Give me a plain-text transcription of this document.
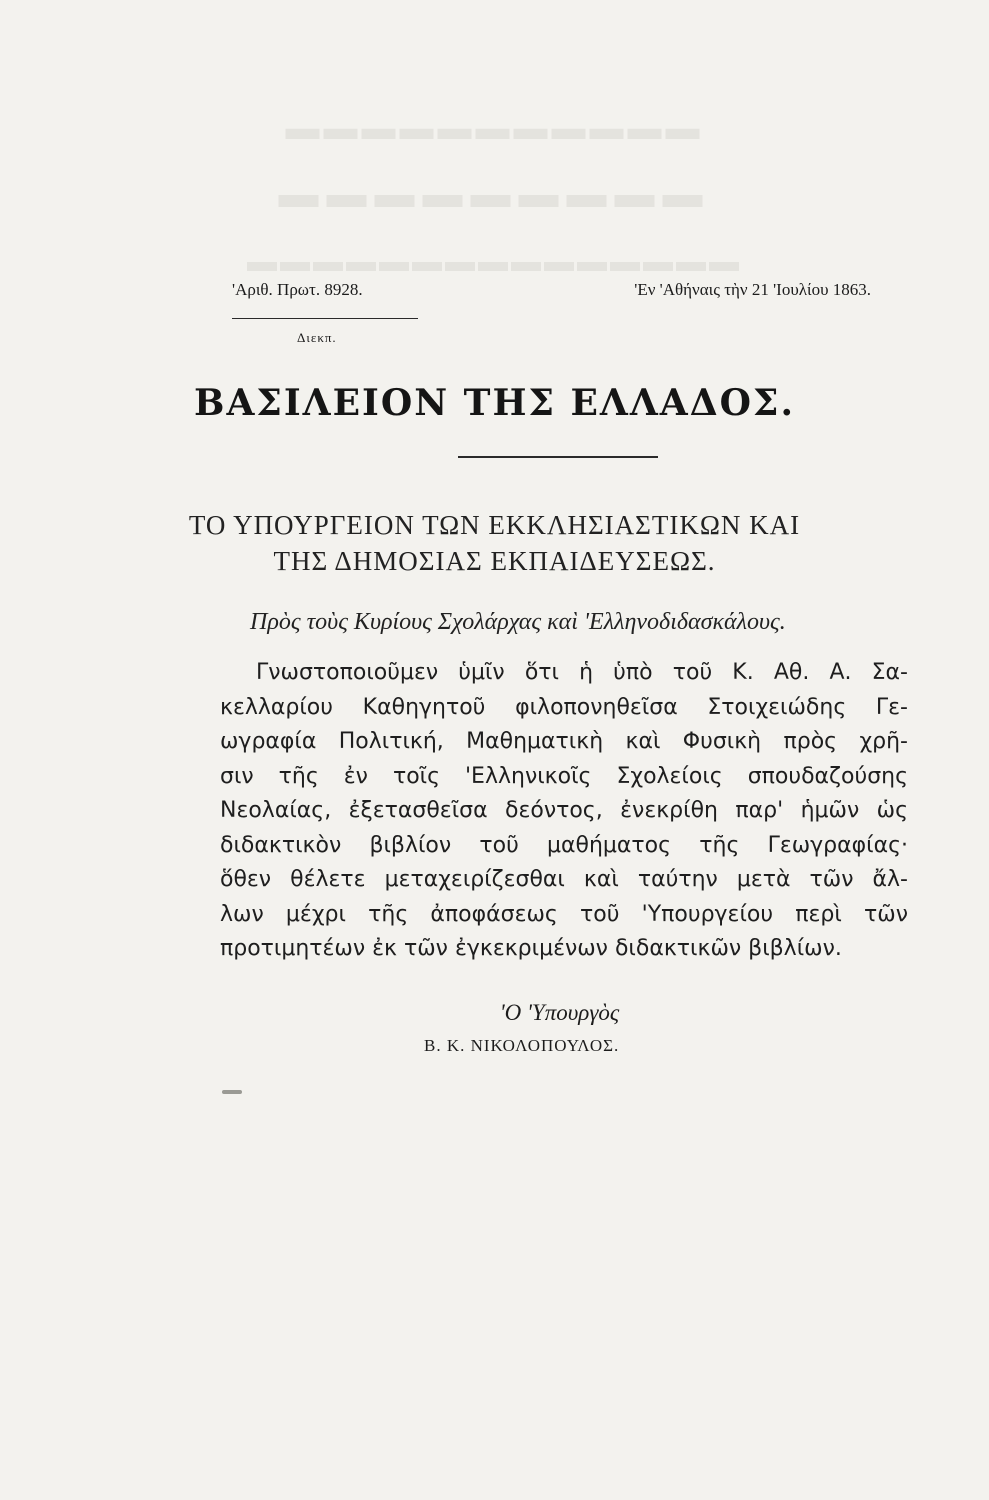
▬▬▬▬▬▬▬▬▬▬▬
▬▬▬▬▬▬▬▬▬
▬▬▬▬▬▬▬▬▬▬▬▬▬▬▬
'Αριθ. Πρωτ. 8928.	'Εν 'Αθήναις τὴν 21 'Ιουλίου 1863.
Διεκπ.
ΒΑΣΙΛΕΙΟΝ ΤΗΣ ΕΛΛΑΔΟΣ.
ΤΟ ΥΠΟΥΡΓΕΙΟΝ ΤΩΝ ΕΚΚΛΗΣΙΑΣΤΙΚΩΝ ΚΑΙ
ΤΗΣ ΔΗΜΟΣΙΑΣ ΕΚΠΑΙΔΕΥΣΕΩΣ.
Πρὸς τοὺς Κυρίους Σχολάρχας καὶ 'Ελληνοδιδασκάλους.
Γνωστοποιοῦμεν ὑμῖν ὅτι ἡ ὑπὸ τοῦ Κ. Αθ. Α. Σα-
κελλαρίου Καθηγητοῦ φιλοπονηθεῖσα Στοιχειώδης Γε-
ωγραφία Πολιτική, Μαθηματικὴ καὶ Φυσικὴ πρὸς χρῆ-
σιν τῆς ἐν τοῖς 'Ελληνικοῖς Σχολείοις σπουδαζούσης
Νεολαίας, ἐξετασθεῖσα δεόντος, ἐνεκρίθη παρ' ἡμῶν ὡς
διδακτικὸν βιβλίον τοῦ μαθήματος τῆς Γεωγραφίας·
ὅθεν θέλετε μεταχειρίζεσθαι καὶ ταύτην μετὰ τῶν ἄλ-
λων μέχρι τῆς ἀποφάσεως τοῦ 'Υπουργείου περὶ τῶν
προτιμητέων ἐκ τῶν ἐγκεκριμένων διδακτικῶν βιβλίων.
'Ο 'Υπουργὸς
Β. Κ. ΝΙΚΟΛΟΠΟΥΛΟΣ.
